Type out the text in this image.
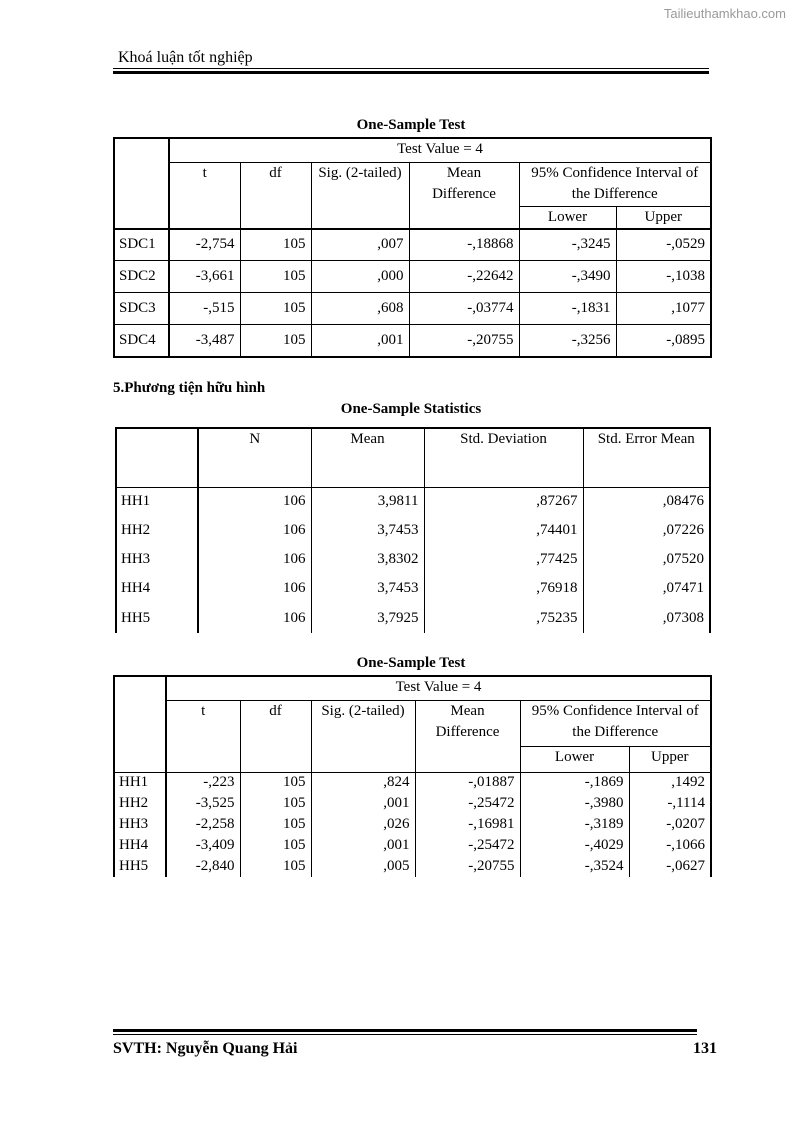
Tailieuthamkhao.com
Khoá luận tốt nghiệp
One-Sample Test
	Test Value = 4					
	t	df	Sig. (2-tailed)	Mean Difference	95% Confidence Interval of the Difference	
					Lower	Upper
SDC1	-2,754	105	,007	-,18868	-,3245	-,0529
SDC2	-3,661	105	,000	-,22642	-,3490	-,1038
SDC3	-,515	105	,608	-,03774	-,1831	,1077
SDC4	-3,487	105	,001	-,20755	-,3256	-,0895
5.Phương tiện hữu hình
One-Sample Statistics
	N	Mean	Std. Deviation	Std. Error Mean
HH1	106	3,9811	,87267	,08476
HH2	106	3,7453	,74401	,07226
HH3	106	3,8302	,77425	,07520
HH4	106	3,7453	,76918	,07471
HH5	106	3,7925	,75235	,07308
One-Sample Test
	Test Value = 4					
	t	df	Sig. (2-tailed)	Mean Difference	95% Confidence Interval of the Difference	
					Lower	Upper
HH1	-,223	105	,824	-,01887	-,1869	,1492
HH2	-3,525	105	,001	-,25472	-,3980	-,1114
HH3	-2,258	105	,026	-,16981	-,3189	-,0207
HH4	-3,409	105	,001	-,25472	-,4029	-,1066
HH5	-2,840	105	,005	-,20755	-,3524	-,0627
SVTH: Nguyễn Quang Hải	131
